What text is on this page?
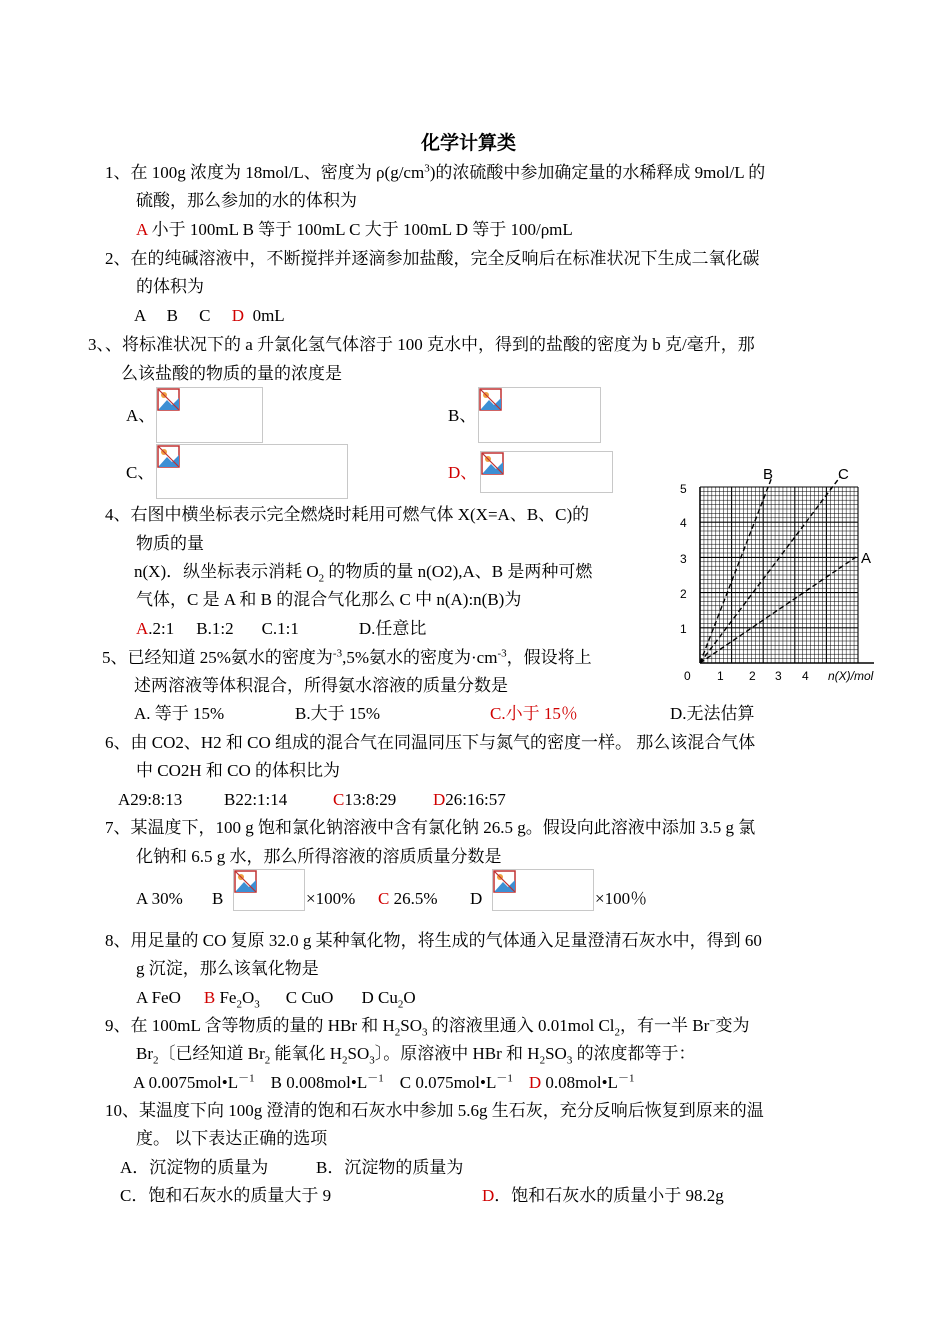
化学计算类
1、在 100g 浓度为 18mol/L、密度为 $\rho(g/cm^3)$的浓硫酸中参加确定量的水稀释成 9mol/L 的
硫酸，那么参加的水的体积为
A 小于 100mL B 等于 100mL C 大于 100mL D 等于 100/ρmL
2、在的纯碱溶液中，不断搅拌并逐滴参加盐酸，完全反响后在标准状况下生成二氧化碳
的体积为
A     B     C     D  0mL
3、、将标准状况下的 a 升氯化氢气体溶于 100 克水中，得到的盐酸的密度为 b 克/毫升，那
么该盐酸的物质的量的浓度是
A、	B、
C、	D、
4、右图中横坐标表示完全燃烧时耗用可燃气体 X(X=A、B、C)的
物质的量
n(X)．纵坐标表示消耗 $O_2$ 的物质的量 n(O2),A、B 是两种可燃
气体，C 是 A 和 B 的混合气化那么 C 中 n(A):n(B)为
A.2:1 B.1:2 C.1:1	D.任意比
B	C
A
1
2
3
4
5
0 1 2 3 4 n(X)/mol
5、已经知道 25%氨水的密度为$^{-3}$,5%氨水的密度为$\cdot cm^{-3}$，假设将上
述两溶液等体积混合，所得氨水溶液的质量分数是
A. 等于 15%	B.大于 15%	C.小于 15％	D.无法估算
6、由 CO2、H2 和 CO 组成的混合气在同温同压下与氮气的密度一样。 那么该混合气体
中 CO2H 和 CO 的体积比为
A29:8:13 B22:1:14	C13:8:29 D26:16:57
7、某温度下，100 g 饱和氯化钠溶液中含有氯化钠 26.5 g。假设向此溶液中添加 3.5 g 氯
化钠和 6.5 g 水，那么所得溶液的溶质质量分数是
A 30% B	×100% C 26.5% D	×100％
8、用足量的 CO 复原 32.0 g 某种氧化物，将生成的气体通入足量澄清石灰水中，得到 60
g 沉淀，那么该氧化物是
A FeO B $Fe_2O_3$ C CuO D $Cu_2O$
9、在 100mL 含等物质的量的 HBr 和 $H_2SO_3$ 的溶液里通入 0.01mol $Cl_2$，有一半 Br−变为
$Br_2$〔已经知道 $Br_2$ 能氧化 $H_2SO_3$〕。原溶液中 HBr 和 $H_2SO_3$ 的浓度都等于：
A $0.0075mol•L^{-1}$ B $0.008mol•L^{-1}$ C $0.075mol•L^{-1}$ D $0.08mol•L^{-1}$
10、某温度下向 100g 澄清的饱和石灰水中参加 5.6g 生石灰，充分反响后恢复到原来的温
度。 以下表达正确的选项
A．沉淀物的质量为	B．沉淀物的质量为
C．饱和石灰水的质量大于 9	D．饱和石灰水的质量小于 98.2g
